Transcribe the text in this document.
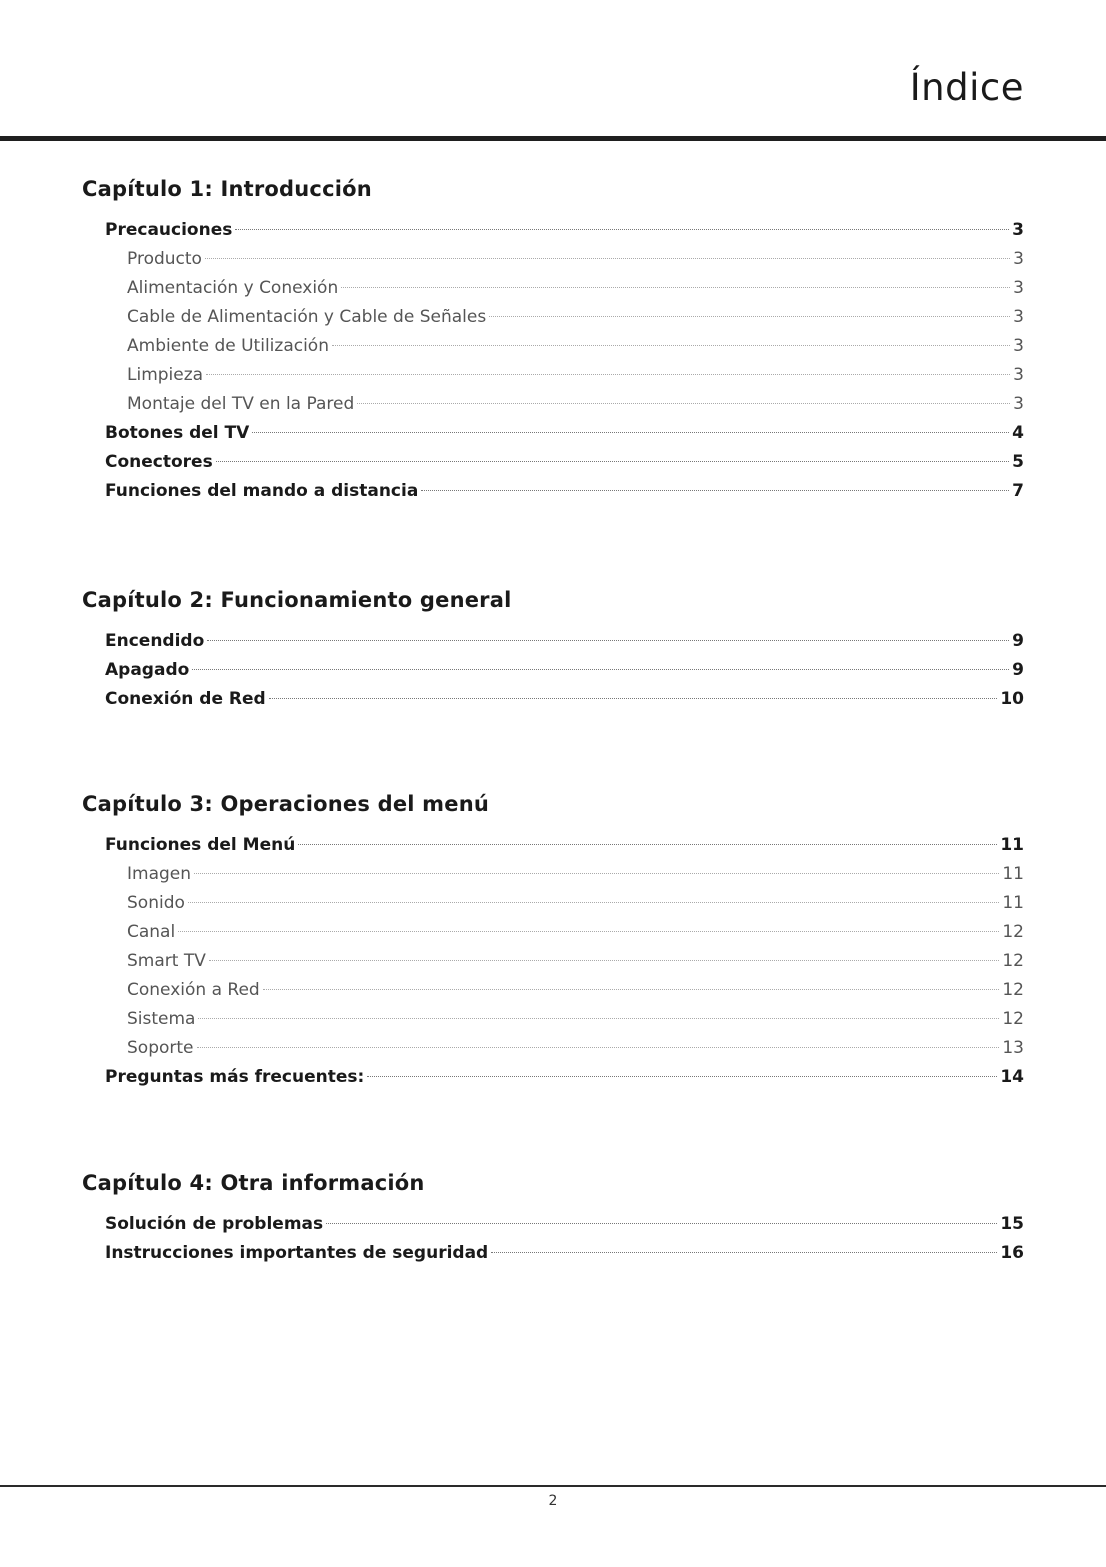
Índice
Capítulo 1: Introducción
Precauciones	3
Producto	3
Alimentación y Conexión	3
Cable de Alimentación y Cable de Señales	3
Ambiente de Utilización	3
Limpieza	3
Montaje del TV en la Pared	3
Botones del TV	4
Conectores	5
Funciones del mando a distancia	7
Capítulo 2: Funcionamiento general
Encendido	9
Apagado	9
Conexión de Red	10
Capítulo 3: Operaciones del menú
Funciones del Menú	11
Imagen	11
Sonido	11
Canal	12
Smart TV	12
Conexión a Red	12
Sistema	12
Soporte	13
Preguntas más frecuentes:	14
Capítulo 4: Otra información
Solución de problemas	15
Instrucciones importantes de seguridad	16
2
